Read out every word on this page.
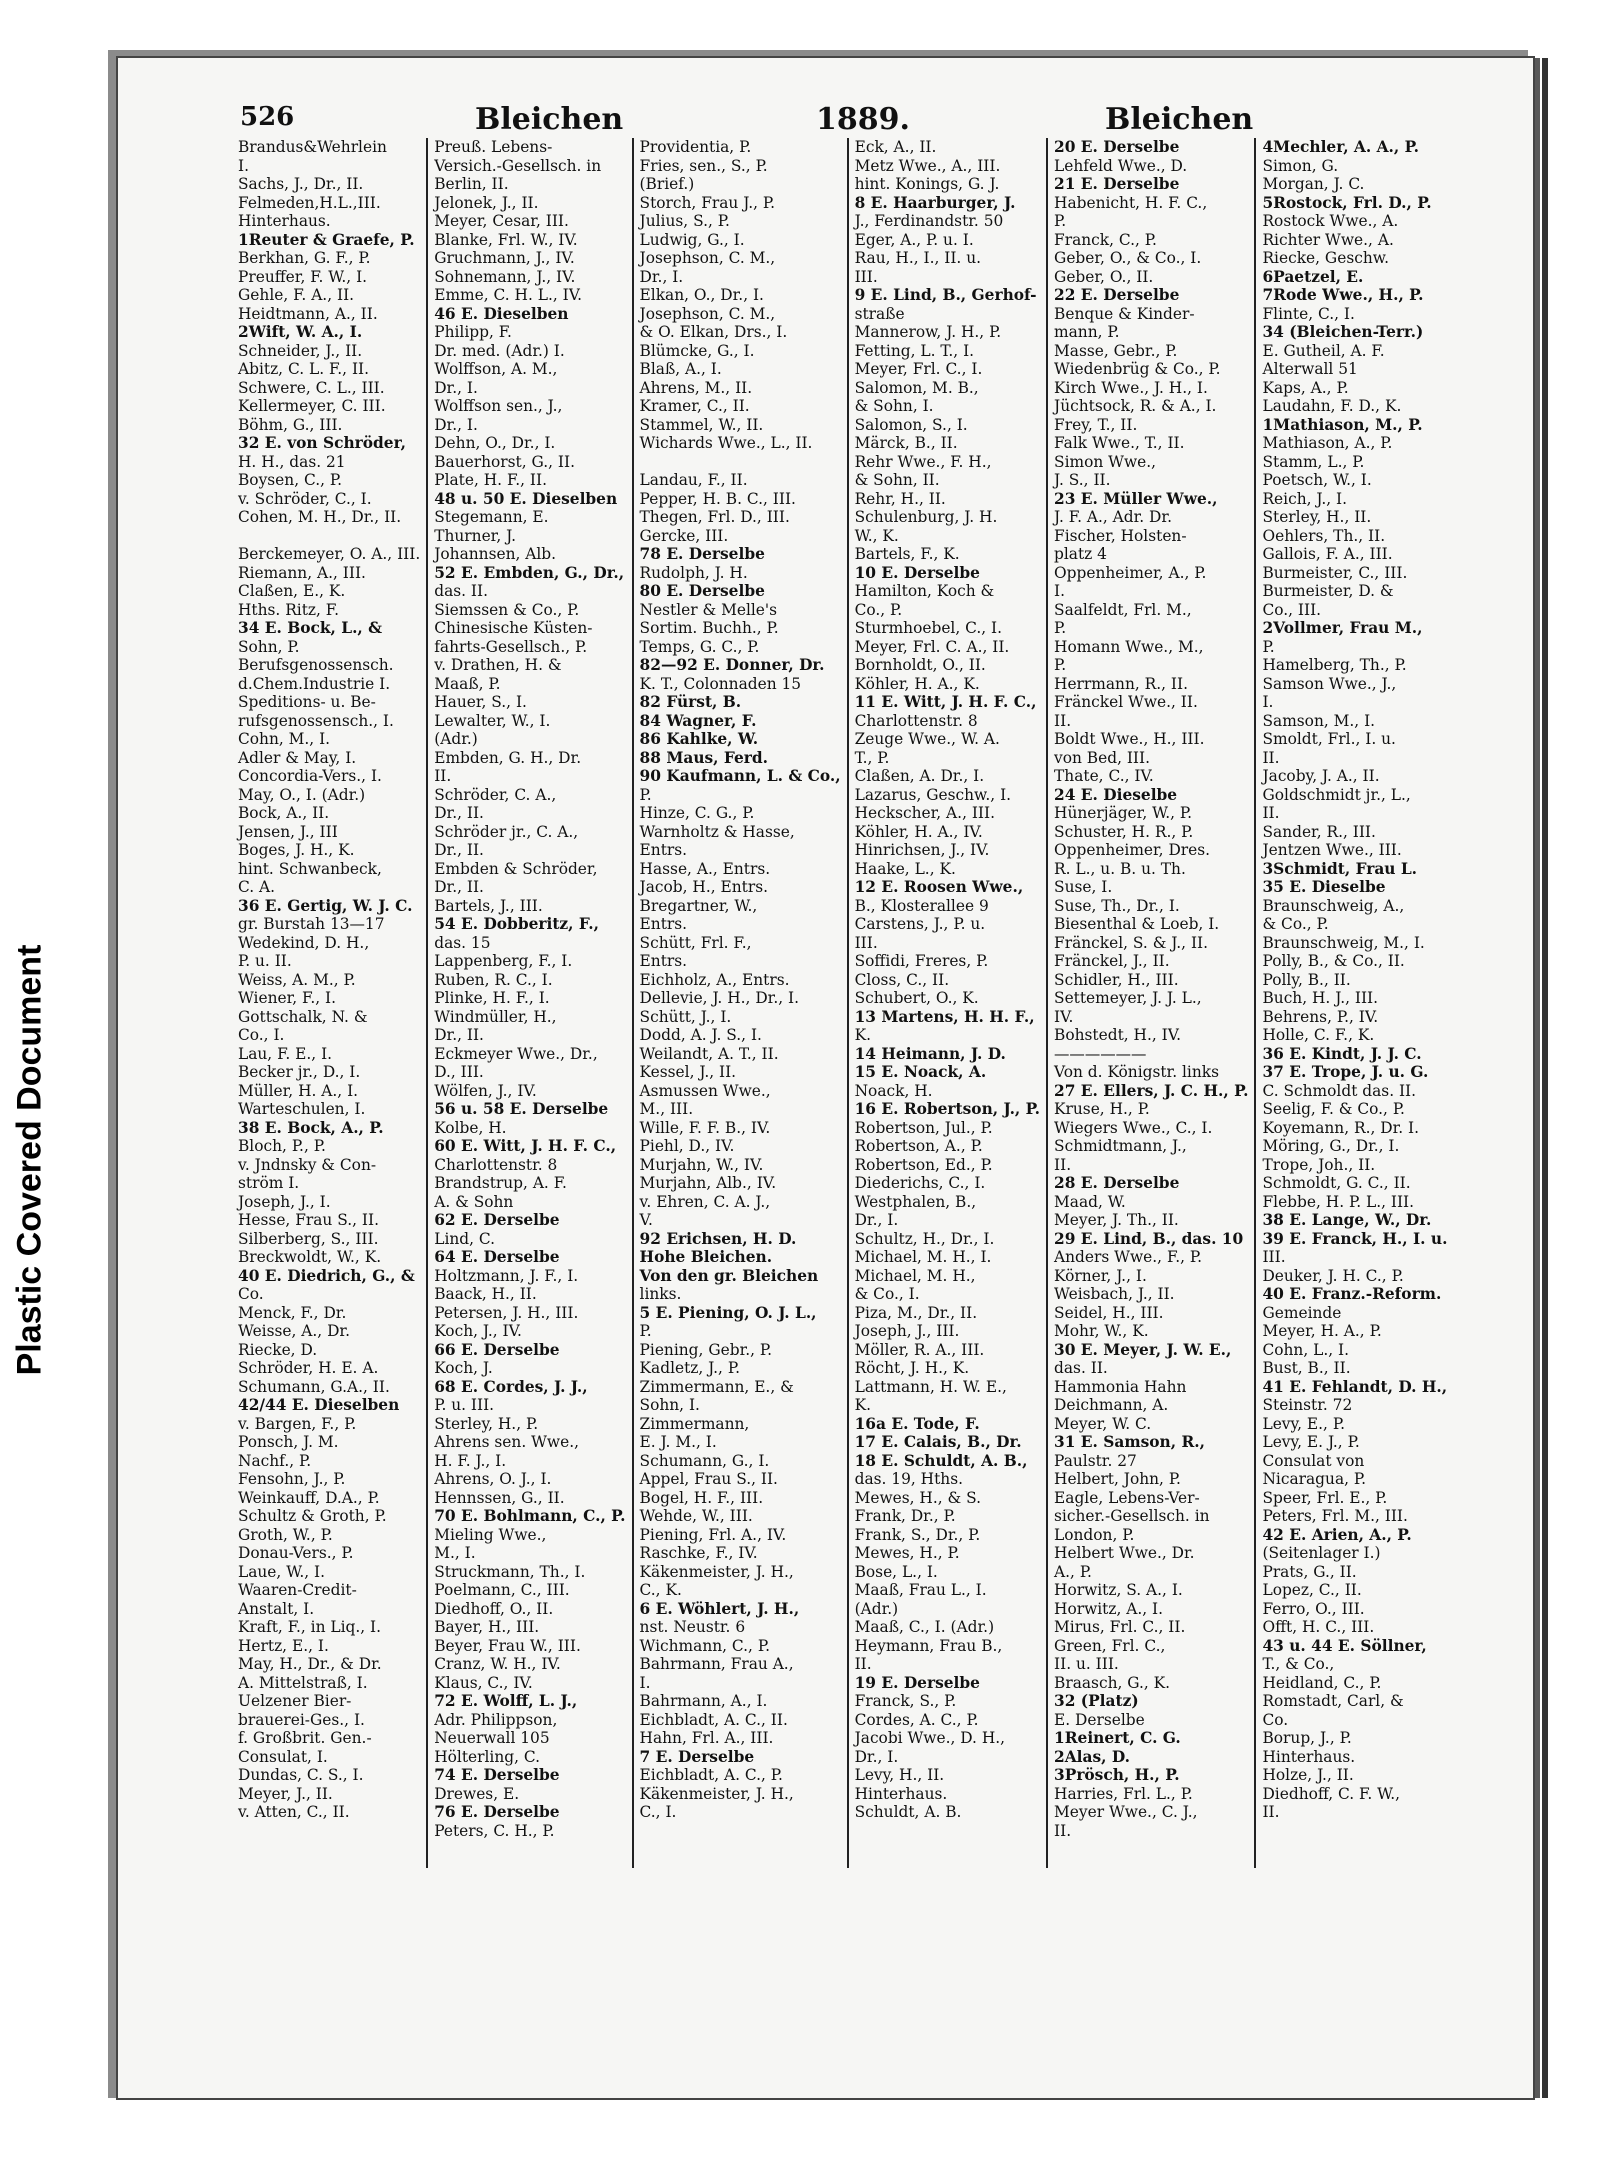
Plastic Covered Document
526	Bleichen	1889.	Bleichen
Brandus&Wehrlein
I.
Sachs, J., Dr., II.
Felmeden,H.L.,III.
Hinterhaus.
1Reuter & Graefe, P.
Berkhan, G. F., P.
Preuffer, F. W., I.
Gehle, F. A., II.
Heidtmann, A., II.
2Wift, W. A., I.
Schneider, J., II.
Abitz, C. L. F., II.
Schwere, C. L., III.
Kellermeyer, C. III.
Böhm, G., III.
32 E. von Schröder,
H. H., das. 21
Boysen, C., P.
v. Schröder, C., I.
Cohen, M. H., Dr., II.
Berckemeyer, O. A., III.
Riemann, A., III.
Claßen, E., K.
Hths. Ritz, F.
34 E. Bock, L., &
Sohn, P.
Berufsgenossensch.
d.Chem.Industrie I.
Speditions- u. Be-
rufsgenossensch., I.
Cohn, M., I.
Adler & May, I.
Concordia-Vers., I.
May, O., I. (Adr.)
Bock, A., II.
Jensen, J., III
Boges, J. H., K.
hint. Schwanbeck,
C. A.
36 E. Gertig, W. J. C.
gr. Burstah 13—17
Wedekind, D. H.,
P. u. II.
Weiss, A. M., P.
Wiener, F., I.
Gottschalk, N. &
Co., I.
Lau, F. E., I.
Becker jr., D., I.
Müller, H. A., I.
Warteschulen, I.
38 E. Bock, A., P.
Bloch, P., P.
v. Jndnsky & Con-
ström I.
Joseph, J., I.
Hesse, Frau S., II.
Silberberg, S., III.
Breckwoldt, W., K.
40 E. Diedrich, G., &
Co.
Menck, F., Dr.
Weisse, A., Dr.
Riecke, D.
Schröder, H. E. A.
Schumann, G.A., II.
42/44 E. Dieselben
v. Bargen, F., P.
Ponsch, J. M.
Nachf., P.
Fensohn, J., P.
Weinkauff, D.A., P.
Schultz & Groth, P.
Groth, W., P.
Donau-Vers., P.
Laue, W., I.
Waaren-Credit-
Anstalt, I.
Kraft, F., in Liq., I.
Hertz, E., I.
May, H., Dr., & Dr.
A. Mittelstraß, I.
Uelzener Bier-
brauerei-Ges., I.
f. Großbrit. Gen.-
Consulat, I.
Dundas, C. S., I.
Meyer, J., II.
v. Atten, C., II.
Preuß. Lebens-
Versich.-Gesellsch. in
Berlin, II.
Jelonek, J., II.
Meyer, Cesar, III.
Blanke, Frl. W., IV.
Gruchmann, J., IV.
Sohnemann, J., IV.
Emme, C. H. L., IV.
46 E. Dieselben
Philipp, F.
Dr. med. (Adr.) I.
Wolffson, A. M.,
Dr., I.
Wolffson sen., J.,
Dr., I.
Dehn, O., Dr., I.
Bauerhorst, G., II.
Plate, H. F., II.
48 u. 50 E. Dieselben
Stegemann, E.
Thurner, J.
Johannsen, Alb.
52 E. Embden, G., Dr.,
das. II.
Siemssen & Co., P.
Chinesische Küsten-
fahrts-Gesellsch., P.
v. Drathen, H. &
Maaß, P.
Hauer, S., I.
Lewalter, W., I.
(Adr.)
Embden, G. H., Dr.
II.
Schröder, C. A.,
Dr., II.
Schröder jr., C. A.,
Dr., II.
Embden & Schröder,
Dr., II.
Bartels, J., III.
54 E. Dobberitz, F.,
das. 15
Lappenberg, F., I.
Ruben, R. C., I.
Plinke, H. F., I.
Windmüller, H.,
Dr., II.
Eckmeyer Wwe., Dr.,
D., III.
Wölfen, J., IV.
56 u. 58 E. Derselbe
Kolbe, H.
60 E. Witt, J. H. F. C.,
Charlottenstr. 8
Brandstrup, A. F.
A. & Sohn
62 E. Derselbe
Lind, C.
64 E. Derselbe
Holtzmann, J. F., I.
Baack, H., II.
Petersen, J. H., III.
Koch, J., IV.
66 E. Derselbe
Koch, J.
68 E. Cordes, J. J.,
P. u. III.
Sterley, H., P.
Ahrens sen. Wwe.,
H. F. J., I.
Ahrens, O. J., I.
Hennssen, G., II.
70 E. Bohlmann, C., P.
Mieling Wwe.,
M., I.
Struckmann, Th., I.
Poelmann, C., III.
Diedhoff, O., II.
Bayer, H., III.
Beyer, Frau W., III.
Cranz, W. H., IV.
Klaus, C., IV.
72 E. Wolff, L. J.,
Adr. Philippson,
Neuerwall 105
Hölterling, C.
74 E. Derselbe
Drewes, E.
76 E. Derselbe
Peters, C. H., P.
Providentia, P.
Fries, sen., S., P.
(Brief.)
Storch, Frau J., P.
Julius, S., P.
Ludwig, G., I.
Josephson, C. M.,
Dr., I.
Elkan, O., Dr., I.
Josephson, C. M.,
& O. Elkan, Drs., I.
Blümcke, G., I.
Blaß, A., I.
Ahrens, M., II.
Kramer, C., II.
Stammel, W., II.
Wichards Wwe., L., II.
Landau, F., II.
Pepper, H. B. C., III.
Thegen, Frl. D., III.
Gercke, III.
78 E. Derselbe
Rudolph, J. H.
80 E. Derselbe
Nestler & Melle's
Sortim. Buchh., P.
Temps, G. C., P.
82—92 E. Donner, Dr.
K. T., Colonnaden 15
82 Fürst, B.
84 Wagner, F.
86 Kahlke, W.
88 Maus, Ferd.
90 Kaufmann, L. & Co.,
P.
Hinze, C. G., P.
Warnholtz & Hasse,
Entrs.
Hasse, A., Entrs.
Jacob, H., Entrs.
Bregartner, W.,
Entrs.
Schütt, Frl. F.,
Entrs.
Eichholz, A., Entrs.
Dellevie, J. H., Dr., I.
Schütt, J., I.
Dodd, A. J. S., I.
Weilandt, A. T., II.
Kessel, J., II.
Asmussen Wwe.,
M., III.
Wille, F. F. B., IV.
Piehl, D., IV.
Murjahn, W., IV.
Murjahn, Alb., IV.
v. Ehren, C. A. J.,
V.
92 Erichsen, H. D.
Hohe Bleichen.
Von den gr. Bleichen
links.
5 E. Piening, O. J. L.,
P.
Piening, Gebr., P.
Kadletz, J., P.
Zimmermann, E., &
Sohn, I.
Zimmermann,
E. J. M., I.
Schumann, G., I.
Appel, Frau S., II.
Bogel, H. F., III.
Wehde, W., III.
Piening, Frl. A., IV.
Raschke, F., IV.
Käkenmeister, J. H.,
C., K.
6 E. Wöhlert, J. H.,
nst. Neustr. 6
Wichmann, C., P.
Bahrmann, Frau A.,
I.
Bahrmann, A., I.
Eichbladt, A. C., II.
Hahn, Frl. A., III.
7 E. Derselbe
Eichbladt, A. C., P.
Käkenmeister, J. H.,
C., I.
Eck, A., II.
Metz Wwe., A., III.
hint. Konings, G. J.
8 E. Haarburger, J.
J., Ferdinandstr. 50
Eger, A., P. u. I.
Rau, H., I., II. u.
III.
9 E. Lind, B., Gerhof-
straße
Mannerow, J. H., P.
Fetting, L. T., I.
Meyer, Frl. C., I.
Salomon, M. B.,
& Sohn, I.
Salomon, S., I.
Märck, B., II.
Rehr Wwe., F. H.,
& Sohn, II.
Rehr, H., II.
Schulenburg, J. H.
W., K.
Bartels, F., K.
10 E. Derselbe
Hamilton, Koch &
Co., P.
Sturmhoebel, C., I.
Meyer, Frl. C. A., II.
Bornholdt, O., II.
Köhler, H. A., K.
11 E. Witt, J. H. F. C.,
Charlottenstr. 8
Zeuge Wwe., W. A.
T., P.
Claßen, A. Dr., I.
Lazarus, Geschw., I.
Heckscher, A., III.
Köhler, H. A., IV.
Hinrichsen, J., IV.
Haake, L., K.
12 E. Roosen Wwe.,
B., Klosterallee 9
Carstens, J., P. u.
III.
Soffidi, Freres, P.
Closs, C., II.
Schubert, O., K.
13 Martens, H. H. F.,
K.
14 Heimann, J. D.
15 E. Noack, A.
Noack, H.
16 E. Robertson, J., P.
Robertson, Jul., P.
Robertson, A., P.
Robertson, Ed., P.
Diederichs, C., I.
Westphalen, B.,
Dr., I.
Schultz, H., Dr., I.
Michael, M. H., I.
Michael, M. H.,
& Co., I.
Piza, M., Dr., II.
Joseph, J., III.
Möller, R. A., III.
Röcht, J. H., K.
Lattmann, H. W. E.,
K.
16a E. Tode, F.
17 E. Calais, B., Dr.
18 E. Schuldt, A. B.,
das. 19, Hths.
Mewes, H., & S.
Frank, Dr., P.
Frank, S., Dr., P.
Mewes, H., P.
Bose, L., I.
Maaß, Frau L., I.
(Adr.)
Maaß, C., I. (Adr.)
Heymann, Frau B.,
II.
19 E. Derselbe
Franck, S., P.
Cordes, A. C., P.
Jacobi Wwe., D. H.,
Dr., I.
Levy, H., II.
Hinterhaus.
Schuldt, A. B.
20 E. Derselbe
Lehfeld Wwe., D.
21 E. Derselbe
Habenicht, H. F. C.,
P.
Franck, C., P.
Geber, O., & Co., I.
Geber, O., II.
22 E. Derselbe
Benque & Kinder-
mann, P.
Masse, Gebr., P.
Wiedenbrüg & Co., P.
Kirch Wwe., J. H., I.
Jüchtsock, R. & A., I.
Frey, T., II.
Falk Wwe., T., II.
Simon Wwe.,
J. S., II.
23 E. Müller Wwe.,
J. F. A., Adr. Dr.
Fischer, Holsten-
platz 4
Oppenheimer, A., P.
I.
Saalfeldt, Frl. M.,
P.
Homann Wwe., M.,
P.
Herrmann, R., II.
Fränckel Wwe., II.
II.
Boldt Wwe., H., III.
von Bed, III.
Thate, C., IV.
24 E. Dieselbe
Hünerjäger, W., P.
Schuster, H. R., P.
Oppenheimer, Dres.
R. L., u. B. u. Th.
Suse, I.
Suse, Th., Dr., I.
Biesenthal & Loeb, I.
Fränckel, S. & J., II.
Fränckel, J., II.
Schidler, H., III.
Settemeyer, J. J. L.,
IV.
Bohstedt, H., IV.
——————
Von d. Königstr. links
27 E. Ellers, J. C. H., P.
Kruse, H., P.
Wiegers Wwe., C., I.
Schmidtmann, J.,
II.
28 E. Derselbe
Maad, W.
Meyer, J. Th., II.
29 E. Lind, B., das. 10
Anders Wwe., F., P.
Körner, J., I.
Weisbach, J., II.
Seidel, H., III.
Mohr, W., K.
30 E. Meyer, J. W. E.,
das. II.
Hammonia Hahn
Deichmann, A.
Meyer, W. C.
31 E. Samson, R.,
Paulstr. 27
Helbert, John, P.
Eagle, Lebens-Ver-
sicher.-Gesellsch. in
London, P.
Helbert Wwe., Dr.
A., P.
Horwitz, S. A., I.
Horwitz, A., I.
Mirus, Frl. C., II.
Green, Frl. C.,
II. u. III.
Braasch, G., K.
32 (Platz)
E. Derselbe
1Reinert, C. G.
2Alas, D.
3Prösch, H., P.
Harries, Frl. L., P.
Meyer Wwe., C. J.,
II.
4Mechler, A. A., P.
Simon, G.
Morgan, J. C.
5Rostock, Frl. D., P.
Rostock Wwe., A.
Richter Wwe., A.
Riecke, Geschw.
6Paetzel, E.
7Rode Wwe., H., P.
Flinte, C., I.
34 (Bleichen-Terr.)
E. Gutheil, A. F.
Alterwall 51
Kaps, A., P.
Laudahn, F. D., K.
1Mathiason, M., P.
Mathiason, A., P.
Stamm, L., P.
Poetsch, W., I.
Reich, J., I.
Sterley, H., II.
Oehlers, Th., II.
Gallois, F. A., III.
Burmeister, C., III.
Burmeister, D. &
Co., III.
2Vollmer, Frau M.,
P.
Hamelberg, Th., P.
Samson Wwe., J.,
I.
Samson, M., I.
Smoldt, Frl., I. u.
II.
Jacoby, J. A., II.
Goldschmidt jr., L.,
II.
Sander, R., III.
Jentzen Wwe., III.
3Schmidt, Frau L.
35 E. Dieselbe
Braunschweig, A.,
& Co., P.
Braunschweig, M., I.
Polly, B., & Co., II.
Polly, B., II.
Buch, H. J., III.
Behrens, P., IV.
Holle, C. F., K.
36 E. Kindt, J. J. C.
37 E. Trope, J. u. G.
C. Schmoldt das. II.
Seelig, F. & Co., P.
Koyemann, R., Dr. I.
Möring, G., Dr., I.
Trope, Joh., II.
Schmoldt, G. C., II.
Flebbe, H. P. L., III.
38 E. Lange, W., Dr.
39 E. Franck, H., I. u.
III.
Deuker, J. H. C., P.
40 E. Franz.-Reform.
Gemeinde
Meyer, H. A., P.
Cohn, L., I.
Bust, B., II.
41 E. Fehlandt, D. H.,
Steinstr. 72
Levy, E., P.
Levy, E. J., P.
Consulat von
Nicaragua, P.
Speer, Frl. E., P.
Peters, Frl. M., III.
42 E. Arien, A., P.
(Seitenlager I.)
Prats, G., II.
Lopez, C., II.
Ferro, O., III.
Offt, H. C., III.
43 u. 44 E. Söllner,
T., & Co.,
Heidland, C., P.
Romstadt, Carl, &
Co.
Borup, J., P.
Hinterhaus.
Holze, J., II.
Diedhoff, C. F. W.,
II.
